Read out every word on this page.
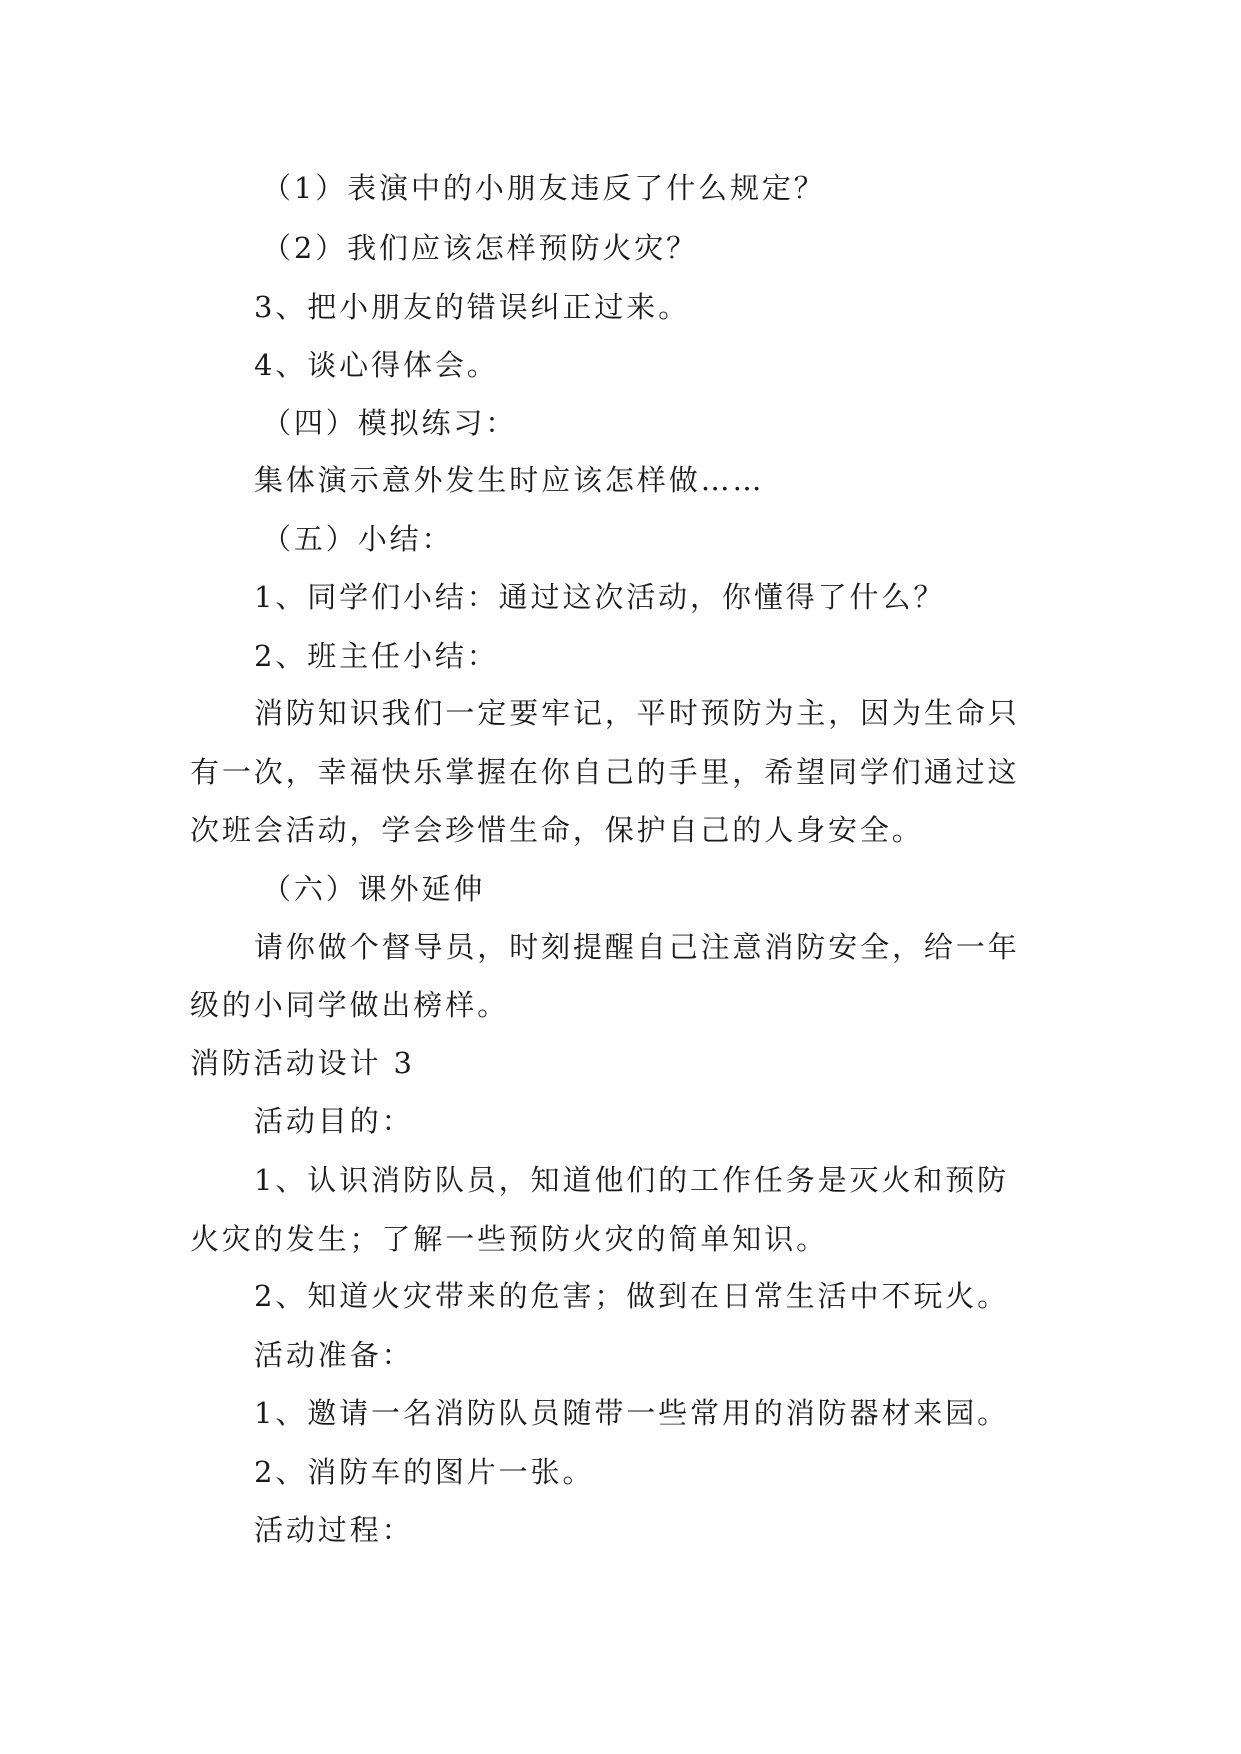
（1）表演中的小朋友违反了什么规定？

（2）我们应该怎样预防火灾？

3、把小朋友的错误纠正过来。

4、谈心得体会。

（四）模拟练习：

集体演示意外发生时应该怎样做……

（五）小结：

1、同学们小结：通过这次活动，你懂得了什么？

2、班主任小结：

消防知识我们一定要牢记，平时预防为主，因为生命只

有一次，幸福快乐掌握在你自己的手里，希望同学们通过这

次班会活动，学会珍惜生命，保护自己的人身安全。

（六）课外延伸

请你做个督导员，时刻提醒自己注意消防安全，给一年

级的小同学做出榜样。

消防活动设计 3

活动目的：

1、认识消防队员，知道他们的工作任务是灭火和预防

火灾的发生；了解一些预防火灾的简单知识。

2、知道火灾带来的危害；做到在日常生活中不玩火。

活动准备：

1、邀请一名消防队员随带一些常用的消防器材来园。

2、消防车的图片一张。

活动过程：
